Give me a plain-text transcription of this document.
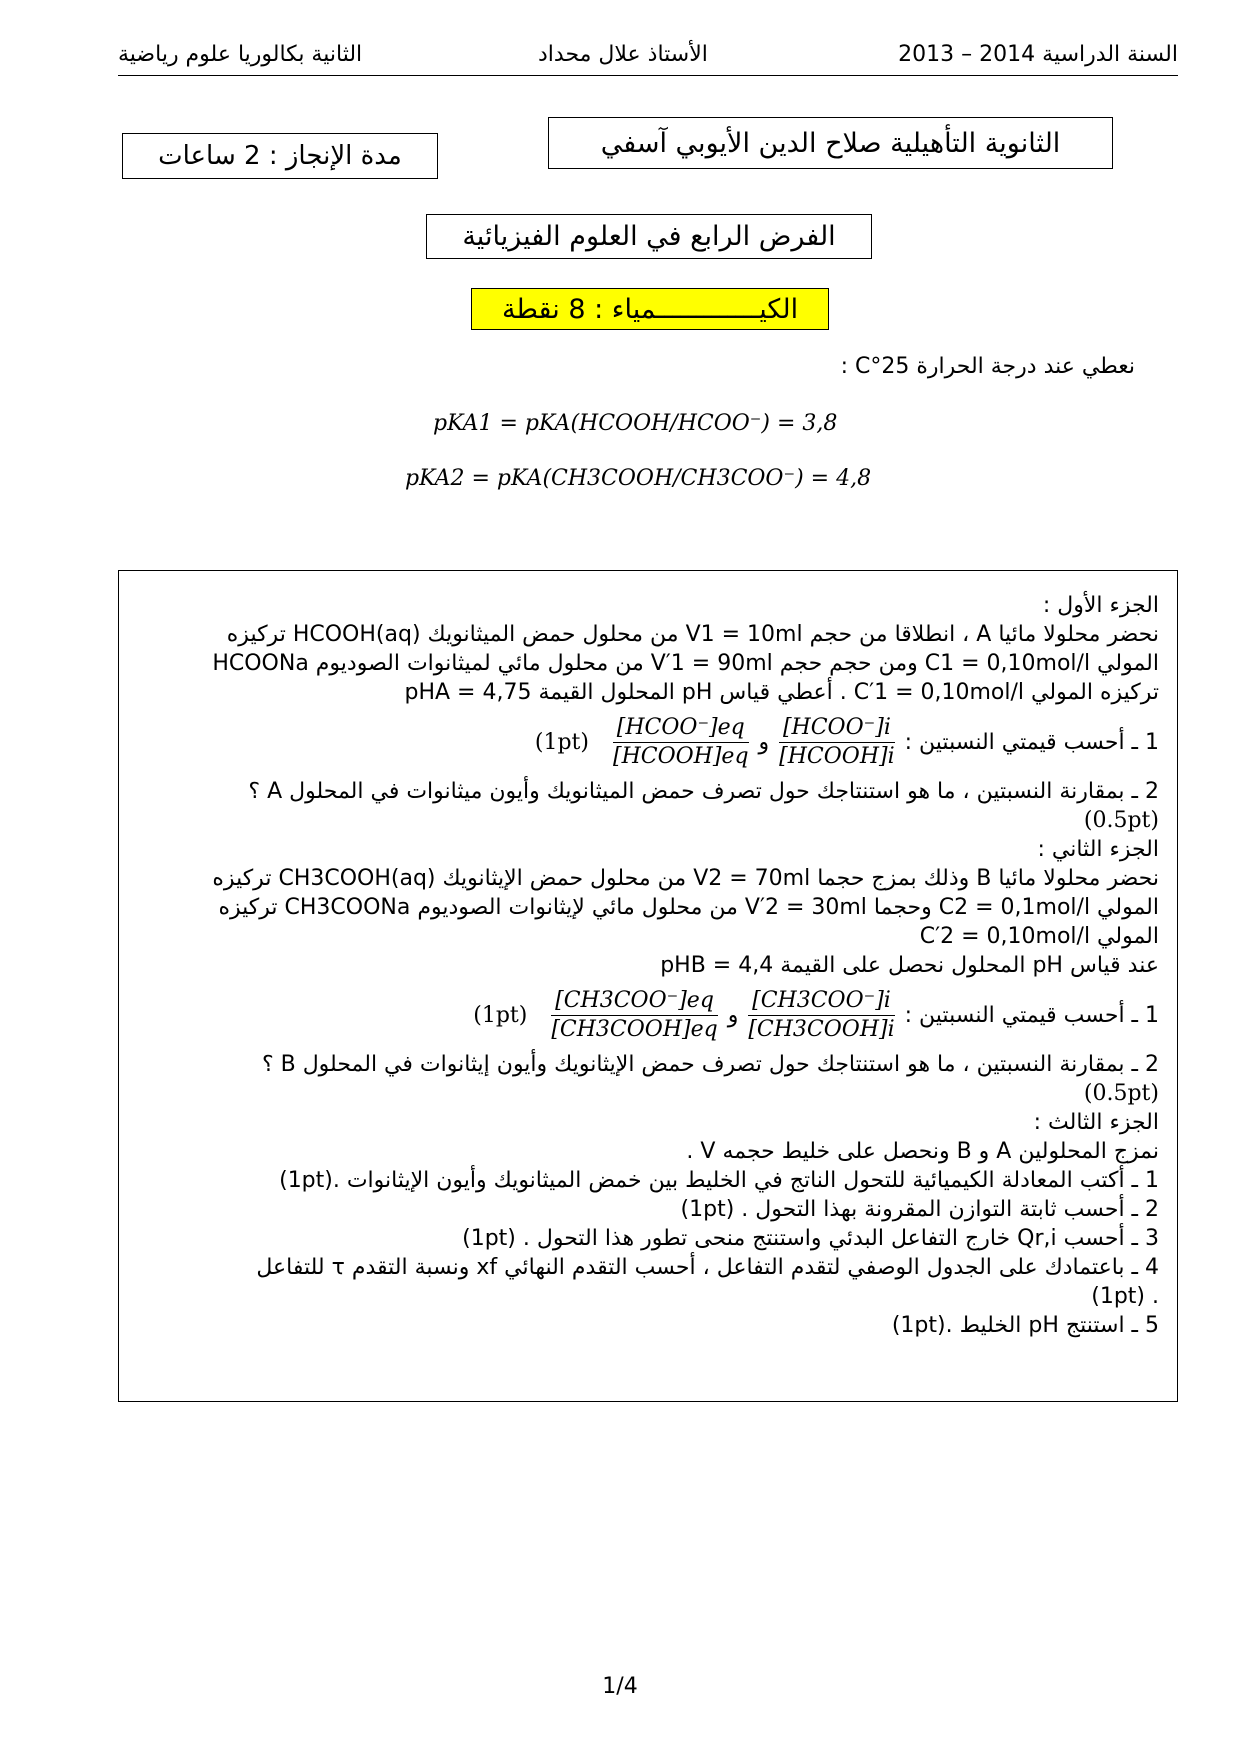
السنة الدراسية 2014 – 2013
الأستاذ علال محداد
الثانية بكالوريا علوم رياضية
الثانوية التأهيلية صلاح الدين الأيوبي آسفي
مدة الإنجاز : 2 ساعات
الفرض الرابع في العلوم الفيزيائية
الكيـــــــــــــمياء : 8 نقطة
نعطي عند درجة الحرارة 25°C :
pKA1 = pKA(HCOOH/HCOO⁻) = 3,8
pKA2 = pKA(CH3COOH/CH3COO⁻) = 4,8
الجزء الأول :
نحضر محلولا مائيا A ، انطلاقا من حجم V1 = 10ml من محلول حمض الميثانويك HCOOH(aq) تركيزه
المولي C1 = 0,10mol/l ومن حجم حجم V′1 = 90ml من محلول مائي لميثانوات الصوديوم HCOONa
تركيزه المولي C′1 = 0,10mol/l . أعطي قياس pH المحلول القيمة pHA = 4,75
1 ـ أحسب قيمتي النسبتين :
$\frac{\text{[HCOO⁻]i}}{\text{[HCOOH]i}}$
و
$\frac{\text{[HCOO⁻]eq}}{\text{[HCOOH]eq}}$
(1pt)
2 ـ بمقارنة النسبتين ، ما هو استنتاجك حول تصرف حمض الميثانويك وأيون ميثانوات في المحلول A ؟
(0.5pt)
الجزء الثاني :
نحضر محلولا مائيا B وذلك بمزج حجما V2 = 70ml من محلول حمض الإيثانويك CH3COOH(aq) تركيزه
المولي C2 = 0,1mol/l وحجما V′2 = 30ml من محلول مائي لإيثانوات الصوديوم CH3COONa تركيزه
المولي C′2 = 0,10mol/l
عند قياس pH المحلول نحصل على القيمة pHB = 4,4
1 ـ أحسب قيمتي النسبتين :
$\frac{\text{[CH3COO⁻]i}}{\text{[CH3COOH]i}}$
و
$\frac{\text{[CH3COO⁻]eq}}{\text{[CH3COOH]eq}}$
(1pt)
2 ـ بمقارنة النسبتين ، ما هو استنتاجك حول تصرف حمض الإيثانويك وأيون إيثانوات في المحلول B ؟
(0.5pt)
الجزء الثالث :
نمزج المحلولين A و B ونحصل على خليط حجمه V .
1 ـ أكتب المعادلة الكيميائية للتحول الناتج في الخليط بين خمض الميثانويك وأيون الإيثانوات .(1pt)
2 ـ أحسب ثابتة التوازن المقرونة بهذا التحول . (1pt)
3 ـ أحسب Qr,i خارج التفاعل البدئي واستنتج منحى تطور هذا التحول . (1pt)
4 ـ باعتمادك على الجدول الوصفي لتقدم التفاعل ، أحسب التقدم النهائي xf ونسبة التقدم τ للتفاعل
. (1pt)
5 ـ استنتج pH الخليط .(1pt)
1/4
